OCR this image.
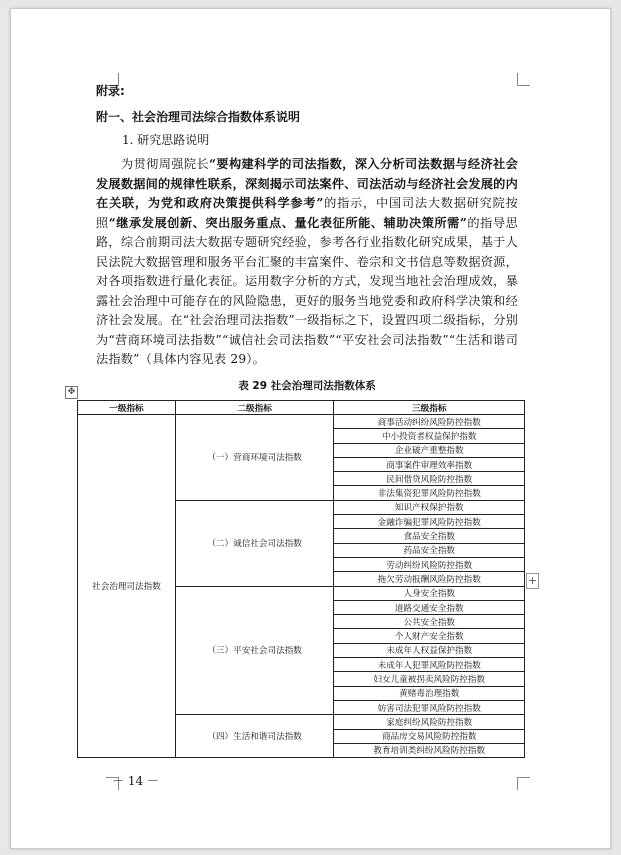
附录:
附一、社会治理司法综合指数体系说明
1. 研究思路说明
为贯彻周强院长“要构建科学的司法指数，深入分析司法数据与经济社会发展数据间的规律性联系，深刻揭示司法案件、司法活动与经济社会发展的内在关联，为党和政府决策提供科学参考”的指示，中国司法大数据研究院按照“继承发展创新、突出服务重点、量化表征所能、辅助决策所需”的指导思路，综合前期司法大数据专题研究经验，参考各行业指数化研究成果，基于人民法院大数据管理和服务平台汇聚的丰富案件、卷宗和文书信息等数据资源，对各项指数进行量化表征。运用数字分析的方式，发现当地社会治理成效，暴露社会治理中可能存在的风险隐患，更好的服务当地党委和政府科学决策和经济社会发展。在“社会治理司法指数”一级指标之下，设置四项二级指标，分别为“营商环境司法指数”“诚信社会司法指数”“平安社会司法指数”“生活和谐司法指数”（具体内容见表 29）。
表 29 社会治理司法指数体系
✥
+
一级指标	二级指标	三级指标
社会治理司法指数	（一）营商环境司法指数	商事活动纠纷风险防控指数
		中小投资者权益保护指数
		企业破产重整指数
		商事案件审理效率指数
		民间借贷风险防控指数
		非法集资犯罪风险防控指数
	（二）诚信社会司法指数	知识产权保护指数
		金融诈骗犯罪风险防控指数
		食品安全指数
		药品安全指数
		劳动纠纷风险防控指数
		拖欠劳动报酬风险防控指数
	（三）平安社会司法指数	人身安全指数
		道路交通安全指数
		公共安全指数
		个人财产安全指数
		未成年人权益保护指数
		未成年人犯罪风险防控指数
		妇女儿童被拐卖风险防控指数
		黄赌毒治理指数
		妨害司法犯罪风险防控指数
	（四）生活和谐司法指数	家庭纠纷风险防控指数
		商品房交易风险防控指数
		教育培训类纠纷风险防控指数
－ 14 －
